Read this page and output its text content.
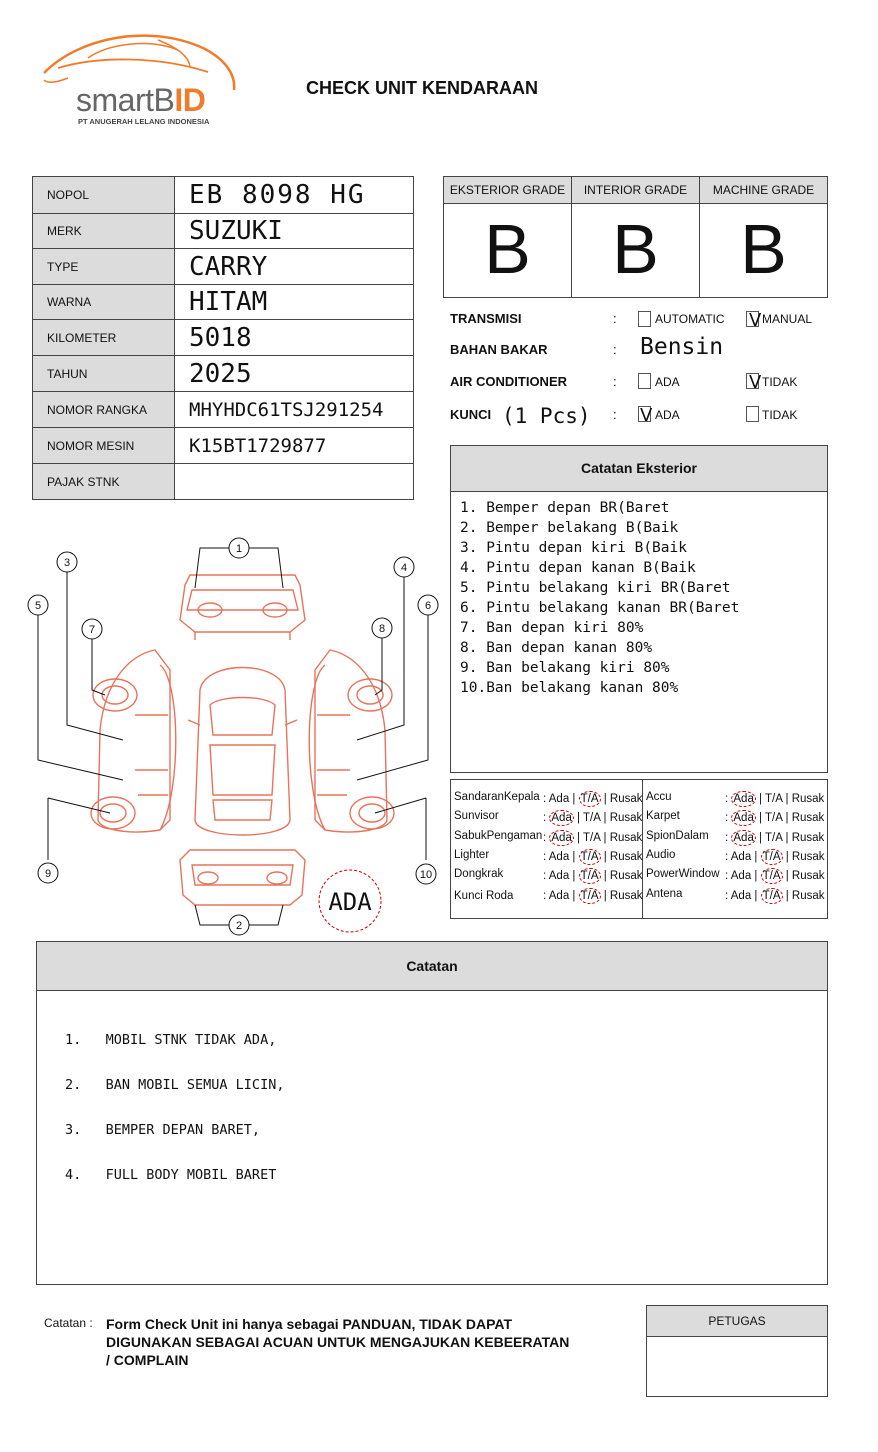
smartBID
PT ANUGERAH LELANG INDONESIA
CHECK UNIT KENDARAAN
NOPOL	EB 8098 HG
MERK	SUZUKI
TYPE	CARRY
WARNA	HITAM
KILOMETER	5018
TAHUN	2025
NOMOR RANGKA	MHYHDC61TSJ291254
NOMOR MESIN	K15BT1729877
PAJAK STNK	
EKSTERIOR GRADE
B
INTERIOR GRADE
B
MACHINE GRADE
B
TRANSMISI	:	AUTOMATIC V MANUAL
BAHAN BAKAR	: Bensin
AIR CONDITIONER	:	ADA	V TIDAK
KUNCI (1 Pcs) : V ADA	TIDAK
Catatan Eksterior
1. Bemper depan BR(Baret
2. Bemper belakang B(Baik
3. Pintu depan kiri B(Baik
4. Pintu depan kanan B(Baik
5. Pintu belakang kiri BR(Baret
6. Pintu belakang kanan BR(Baret
7. Ban depan kiri 80%
8. Ban depan kanan 80%
9. Ban belakang kiri 80%
10.Ban belakang kanan 80%
SandaranKepala : Ada | T/A | Rusak
Sunvisor	: Ada | T/A | Rusak
SabukPengaman : Ada | T/A | Rusak
Lighter	: Ada | T/A | Rusak
Dongkrak	: Ada | T/A | Rusak
Kunci Roda	: Ada | T/A | Rusak
Accu	: Ada | T/A | Rusak
Karpet	: Ada | T/A | Rusak
SpionDalam : Ada | T/A | Rusak
Audio	: Ada | T/A | Rusak
PowerWindow : Ada | T/A | Rusak
Antena	: Ada | T/A | Rusak
1
2
3	4
5	6
7	8
9	10
ADA
Catatan

1.   MOBIL STNK TIDAK ADA,

2.   BAN MOBIL SEMUA LICIN,

3.   BEMPER DEPAN BARET,

4.   FULL BODY MOBIL BARET

Catatan : Form Check Unit ini hanya sebagai PANDUAN, TIDAK DAPAT DIGUNAKAN SEBAGAI ACUAN UNTUK MENGAJUKAN KEBEERATAN / COMPLAIN
PETUGAS
